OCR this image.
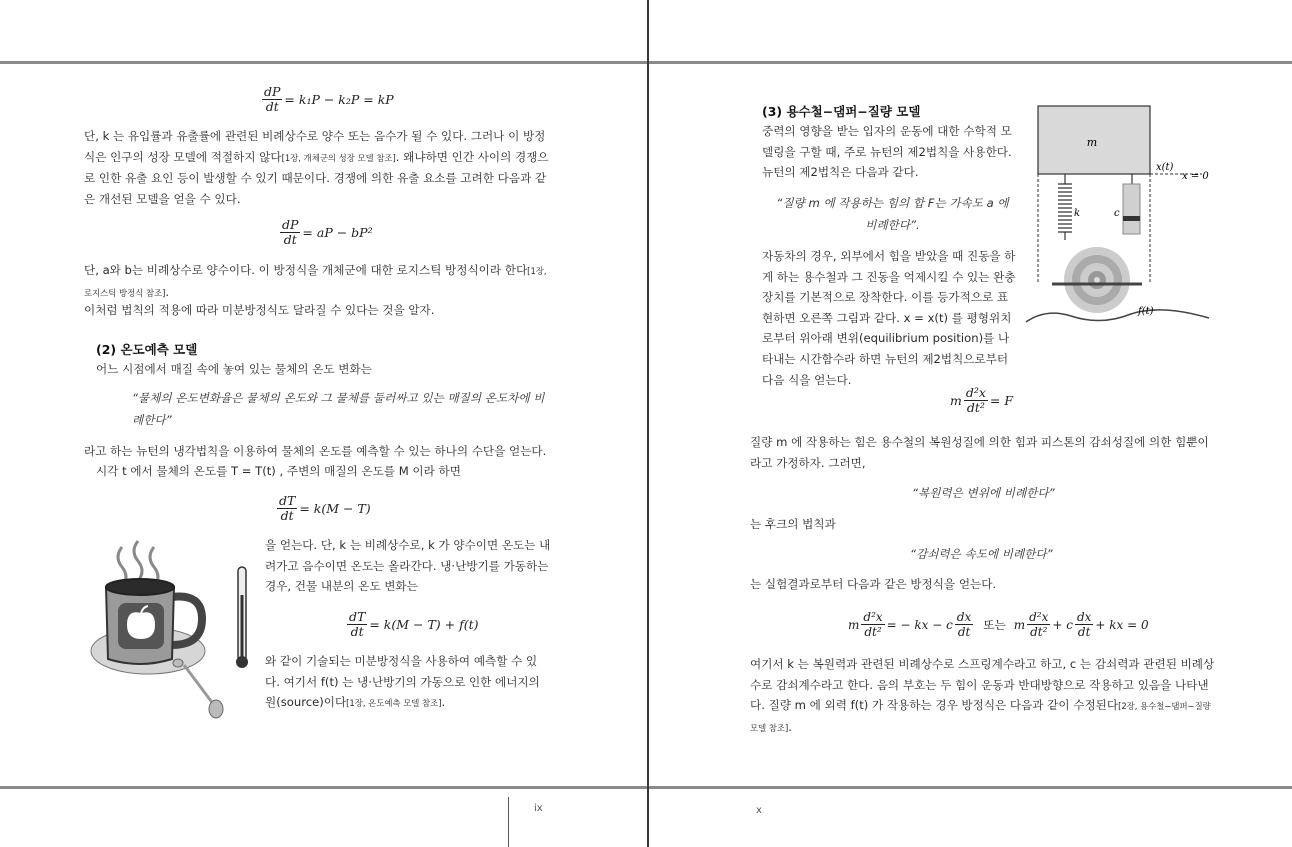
$\frac{dP}{dt} = k_1P - k_2P$ = kP

단, k 는 유입률과 유출률에 관련된 비례상수로 양수 또는 음수가 될 수 있다. 그러나 이 방정식은 인구의 성장 모델에 적절하지 않다[1장, 개체군의 성장 모델 참조]. 왜냐하면 인간 사이의 경쟁으로 인한 유출 요인 등이 발생할 수 있기 때문이다. 경쟁에 의한 유출 요소를 고려한 다음과 같은 개선된 모델을 얻을 수 있다.

$\frac{dP}{dt}$ = aP − bP²

단, a와 b는 비례상수로 양수이다. 이 방정식을 개체군에 대한 로지스틱 방정식이라 한다[1장, 로지스틱 방정식 참조].

이처럼 법칙의 적용에 따라 미분방정식도 달라질 수 있다는 것을 알자.

(2) 온도예측 모델

어느 시점에서 매질 속에 놓여 있는 물체의 온도 변화는

“물체의 온도변화율은 물체의 온도와 그 물체를 둘러싸고 있는 매질의 온도차에 비례한다”

라고 하는 뉴턴의 냉각법칙을 이용하여 물체의 온도를 예측할 수 있는 하나의 수단을 얻는다.

시각 t 에서 물체의 온도를 T = T(t) , 주변의 매질의 온도를 M 이라 하면

$\frac{dT}{dt} = k(M - T)$

을 얻는다. 단, k 는 비례상수로, k 가 양수이면 온도는 내려가고 음수이면 온도는 올라간다. 냉·난방기를 가동하는 경우, 건물 내분의 온도 변화는

$\frac{dT}{dt} = k(M - T) + f(t)$

와 같이 기술되는 미분방정식을 사용하여 예측할 수 있다. 여기서 f(t) 는 냉·난방기의 가동으로 인한 에너지의 원(source)이다[1장, 온도예측 모델 참조].

ix
(3) 용수철−댐퍼−질량 모델

중력의 영향을 받는 입자의 운동에 대한 수학적 모델링을 구할 때, 주로 뉴턴의 제2법칙을 사용한다. 뉴턴의 제2법칙은 다음과 같다.

“질량 m 에 작용하는 힘의 합 F는 가속도 a 에 비례한다”.

자동차의 경우, 외부에서 힘을 받았을 때 진동을 하게 하는 용수철과 그 진동을 억제시킬 수 있는 완충장치를 기본적으로 장착한다. 이를 등가적으로 표현하면 오른쪽 그림과 같다. x = x(t) 를 평형위치로부터 위아래 변위(equilibrium position)를 나타내는 시간함수라 하면 뉴턴의 제2법칙으로부터 다음 식을 얻는다.

m
x(t)
x = 0
k	c
f(t)
m $\frac{\text{d²x}}{\text{dt²}} = F$

질량 m 에 작용하는 힘은 용수철의 복원성질에 의한 힘과 피스톤의 감쇠성질에 의한 힘뿐이라고 가정하자. 그러면,

“복원력은 변위에 비례한다”

는 후크의 법칙과

“감쇠력은 속도에 비례한다”

는 실험결과로부터 다음과 같은 방정식을 얻는다.

m $\frac{\text{d²x}}{\text{dt²}}$ = − kx − c $\frac{dx}{dt}$ 또는 m $\frac{\text{d²x}}{\text{dt²}} + c \frac{dx}{dt}$ + kx = 0

여기서 k 는 복원력과 관련된 비례상수로 스프링계수라고 하고, c 는 감쇠력과 관련된 비례상수로 감쇠계수라고 한다. 음의 부호는 두 힘이 운동과 반대방향으로 작용하고 있음을 나타낸다. 질량 m 에 외력 f(t) 가 작용하는 경우 방정식은 다음과 같이 수정된다[2장, 용수철−댐퍼−질량 모델 참조].

x
